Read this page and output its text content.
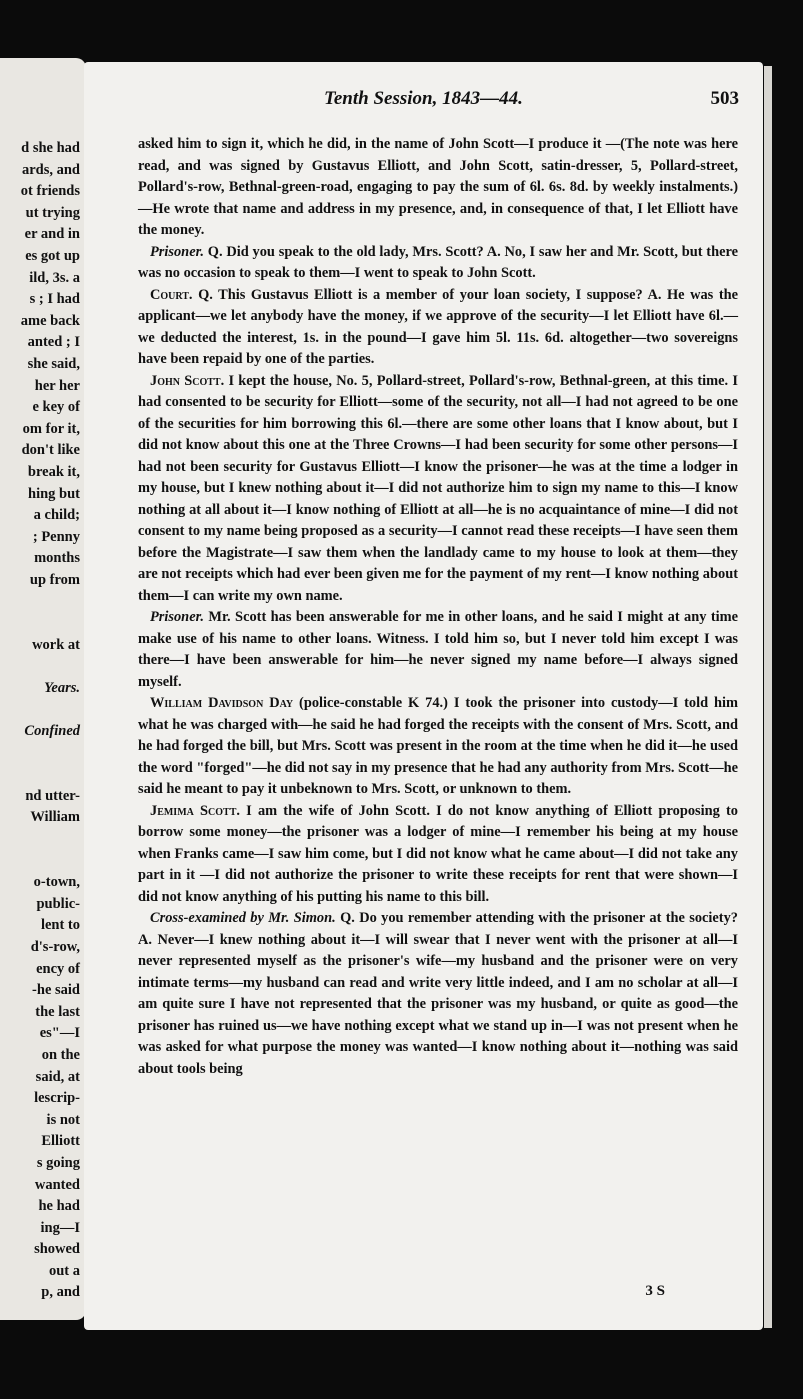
d she had
ards, and
ot friends
ut trying
er and in
es got up
ild, 3s. a
s ; I had
ame back
anted ; I
she said,
her her
e key of
om for it,
don't like
break it,
hing but
a child;
; Penny
months
up from

work at

Years.

Confined

nd utter-
William

o-town,
public-
lent to
d's-row,
ency of
-he said
the last
es"—I
on the
said, at
lescrip-
is not
Elliott
s going
wanted
he had
ing—I
showed
out a
p, and
Tenth Session, 1843—44.	503

asked him to sign it, which he did, in the name of John Scott—I produce it —(The note was here read, and was signed by Gustavus Elliott, and John Scott, satin-dresser, 5, Pollard-street, Pollard's-row, Bethnal-green-road, engaging to pay the sum of 6l. 6s. 8d. by weekly instalments.)—He wrote that name and address in my presence, and, in consequence of that, I let Elliott have the money.

Prisoner. Q. Did you speak to the old lady, Mrs. Scott? A. No, I saw her and Mr. Scott, but there was no occasion to speak to them—I went to speak to John Scott.

Court. Q. This Gustavus Elliott is a member of your loan society, I suppose? A. He was the applicant—we let anybody have the money, if we approve of the security—I let Elliott have 6l.—we deducted the interest, 1s. in the pound—I gave him 5l. 11s. 6d. altogether—two sovereigns have been repaid by one of the parties.

John Scott. I kept the house, No. 5, Pollard-street, Pollard's-row, Bethnal-green, at this time. I had consented to be security for Elliott—some of the security, not all—I had not agreed to be one of the securities for him borrowing this 6l.—there are some other loans that I know about, but I did not know about this one at the Three Crowns—I had been security for some other persons—I had not been security for Gustavus Elliott—I know the prisoner—he was at the time a lodger in my house, but I knew nothing about it—I did not authorize him to sign my name to this—I know nothing at all about it—I know nothing of Elliott at all—he is no acquaintance of mine—I did not consent to my name being proposed as a security—I cannot read these receipts—I have seen them before the Magistrate—I saw them when the landlady came to my house to look at them—they are not receipts which had ever been given me for the payment of my rent—I know nothing about them—I can write my own name.

Prisoner. Mr. Scott has been answerable for me in other loans, and he said I might at any time make use of his name to other loans. Witness. I told him so, but I never told him except I was there—I have been answerable for him—he never signed my name before—I always signed myself.

William Davidson Day (police-constable K 74.) I took the prisoner into custody—I told him what he was charged with—he said he had forged the receipts with the consent of Mrs. Scott, and he had forged the bill, but Mrs. Scott was present in the room at the time when he did it—he used the word "forged"—he did not say in my presence that he had any authority from Mrs. Scott—he said he meant to pay it unbeknown to Mrs. Scott, or unknown to them.

Jemima Scott. I am the wife of John Scott. I do not know anything of Elliott proposing to borrow some money—the prisoner was a lodger of mine—I remember his being at my house when Franks came—I saw him come, but I did not know what he came about—I did not take any part in it —I did not authorize the prisoner to write these receipts for rent that were shown—I did not know anything of his putting his name to this bill.

Cross-examined by Mr. Simon. Q. Do you remember attending with the prisoner at the society? A. Never—I knew nothing about it—I will swear that I never went with the prisoner at all—I never represented myself as the prisoner's wife—my husband and the prisoner were on very intimate terms—my husband can read and write very little indeed, and I am no scholar at all—I am quite sure I have not represented that the prisoner was my husband, or quite as good—the prisoner has ruined us—we have nothing except what we stand up in—I was not present when he was asked for what purpose the money was wanted—I know nothing about it—nothing was said about tools being

3 S
